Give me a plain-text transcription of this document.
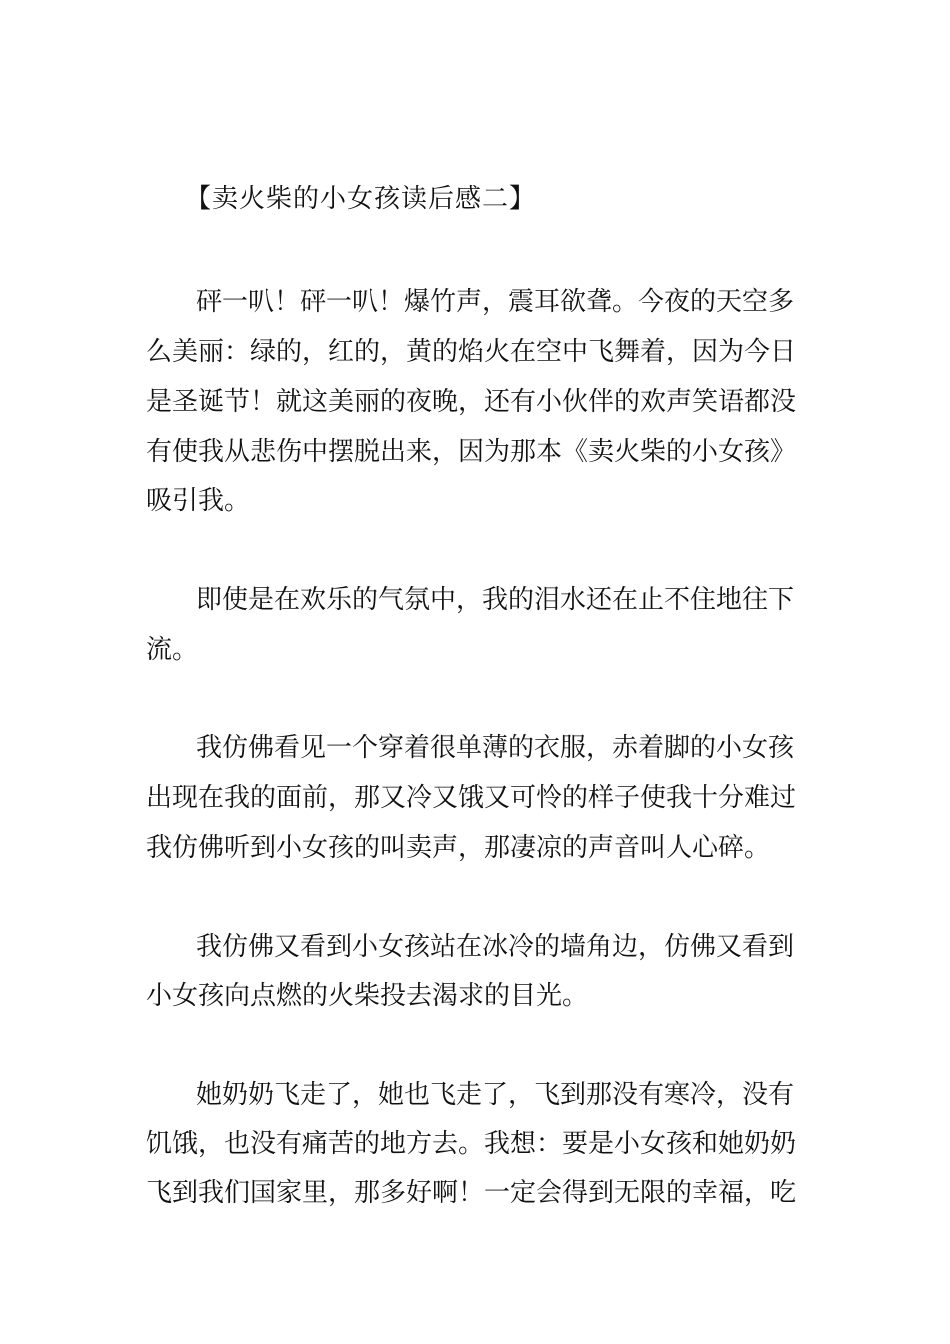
【卖火柴的小女孩读后感二】
砰一叭！砰一叭！爆竹声，震耳欲聋。今夜的天空多
么美丽：绿的，红的，黄的焰火在空中飞舞着，因为今日
是圣诞节！就这美丽的夜晚，还有小伙伴的欢声笑语都没
有使我从悲伤中摆脱出来，因为那本《卖火柴的小女孩》
吸引我。
即使是在欢乐的气氛中，我的泪水还在止不住地往下
流。
我仿佛看见一个穿着很单薄的衣服，赤着脚的小女孩
出现在我的面前，那又冷又饿又可怜的样子使我十分难过
我仿佛听到小女孩的叫卖声，那凄凉的声音叫人心碎。
我仿佛又看到小女孩站在冰冷的墙角边，仿佛又看到
小女孩向点燃的火柴投去渴求的目光。
她奶奶飞走了，她也飞走了，飞到那没有寒冷，没有
饥饿，也没有痛苦的地方去。我想：要是小女孩和她奶奶
飞到我们国家里，那多好啊！一定会得到无限的幸福，吃
